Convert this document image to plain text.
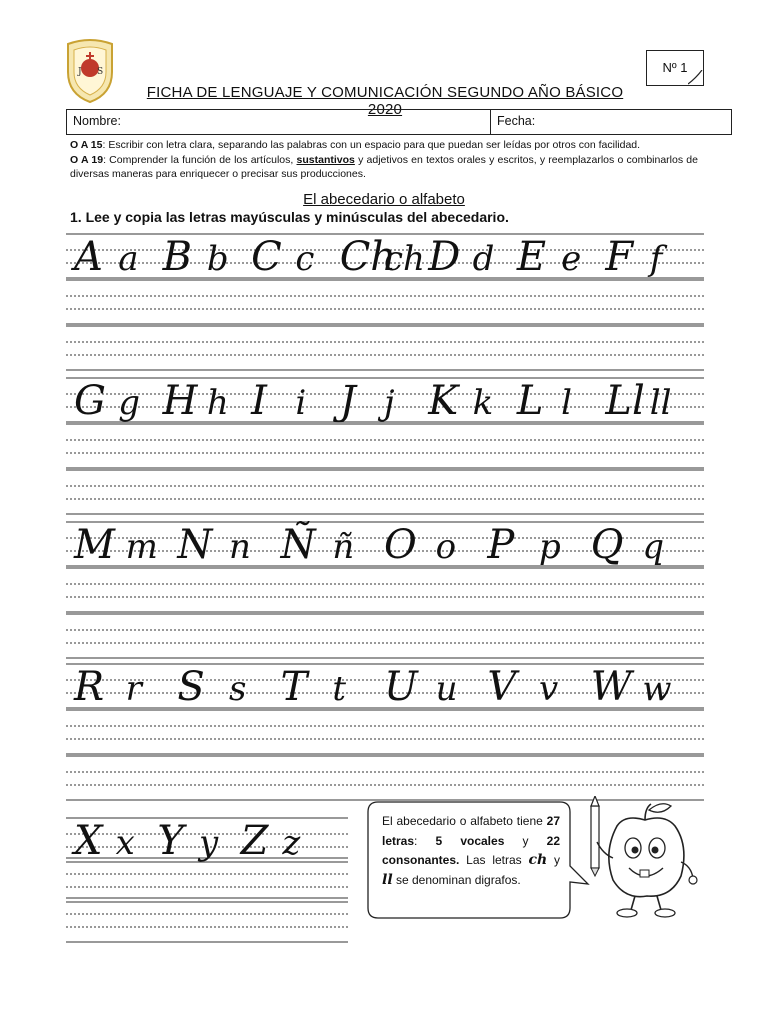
J S	Nº 1
FICHA DE LENGUAJE Y COMUNICACIÓN SEGUNDO AÑO BÁSICO 2020
Nombre:	Fecha:
O A 15: Escribir con letra clara, separando las palabras con un espacio para que puedan ser leídas por otros con facilidad.
O A 19: Comprender la función de los artículos, sustantivos y adjetivos en textos orales y escritos, y reemplazarlos o combinarlos de diversas maneras para enriquecer o precisar sus producciones.
El abecedario o alfabeto
1. Lee y copia las letras mayúsculas y minúsculas del abecedario.
A a B b C c Ch
ch D d E e F f
G g H h I i J j K k L l Ll ll
M m N n Ñ ñ O o P p Q q
R r S s T t U u V v W w
X x Y y Z z
El abecedario o alfabeto tiene 27 letras: 5 vocales y 22 consonantes. Las letras ch y ll se denominan digrafos.
